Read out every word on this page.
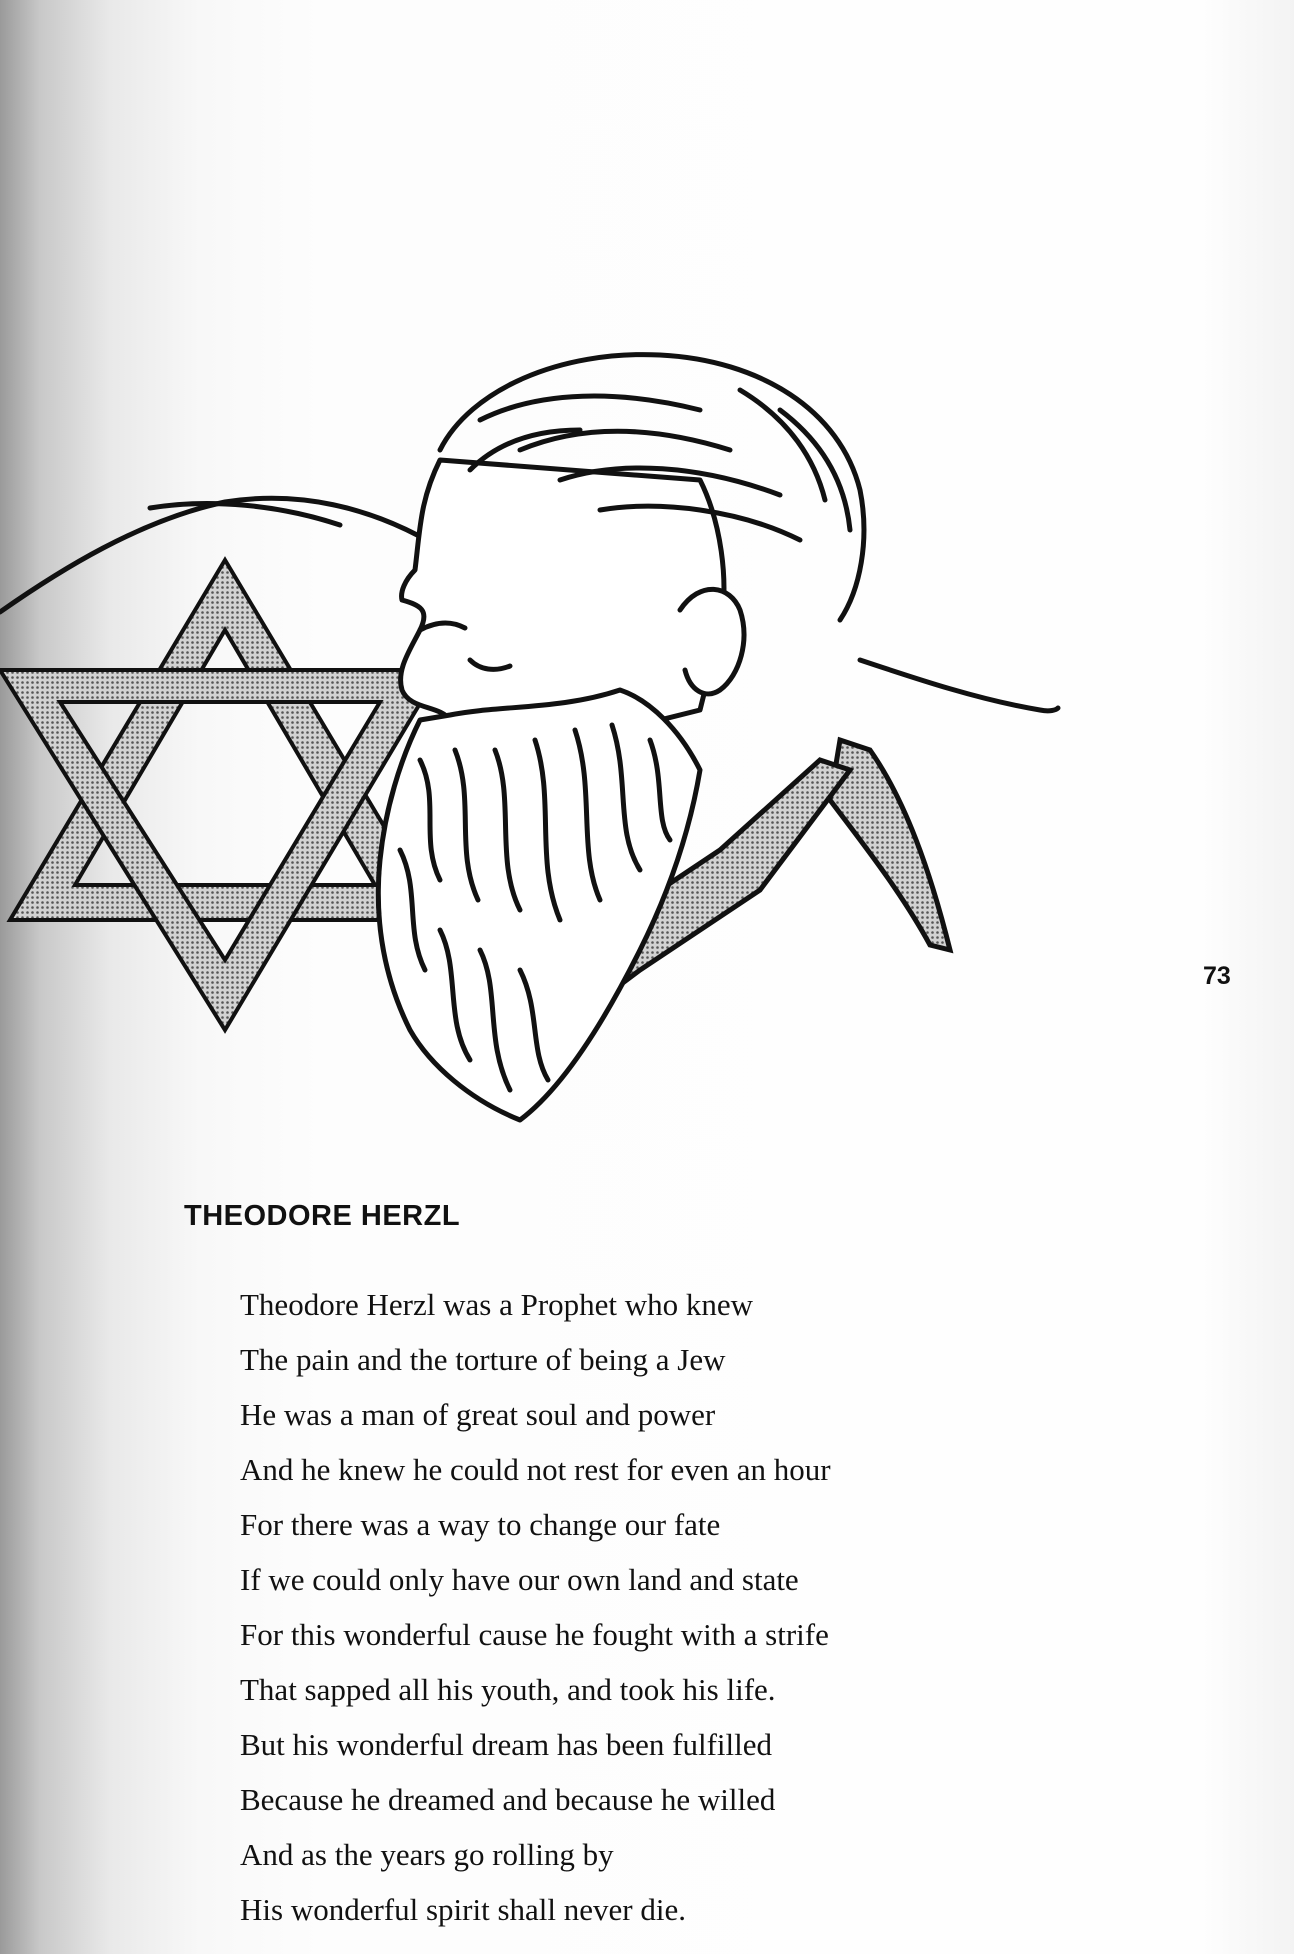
73
THEODORE HERZL
Theodore Herzl was a Prophet who knew
The pain and the torture of being a Jew
He was a man of great soul and power
And he knew he could not rest for even an hour
For there was a way to change our fate
If we could only have our own land and state
For this wonderful cause he fought with a strife
That sapped all his youth, and took his life.
But his wonderful dream has been fulfilled
Because he dreamed and because he willed
And as the years go rolling by
His wonderful spirit shall never die.
